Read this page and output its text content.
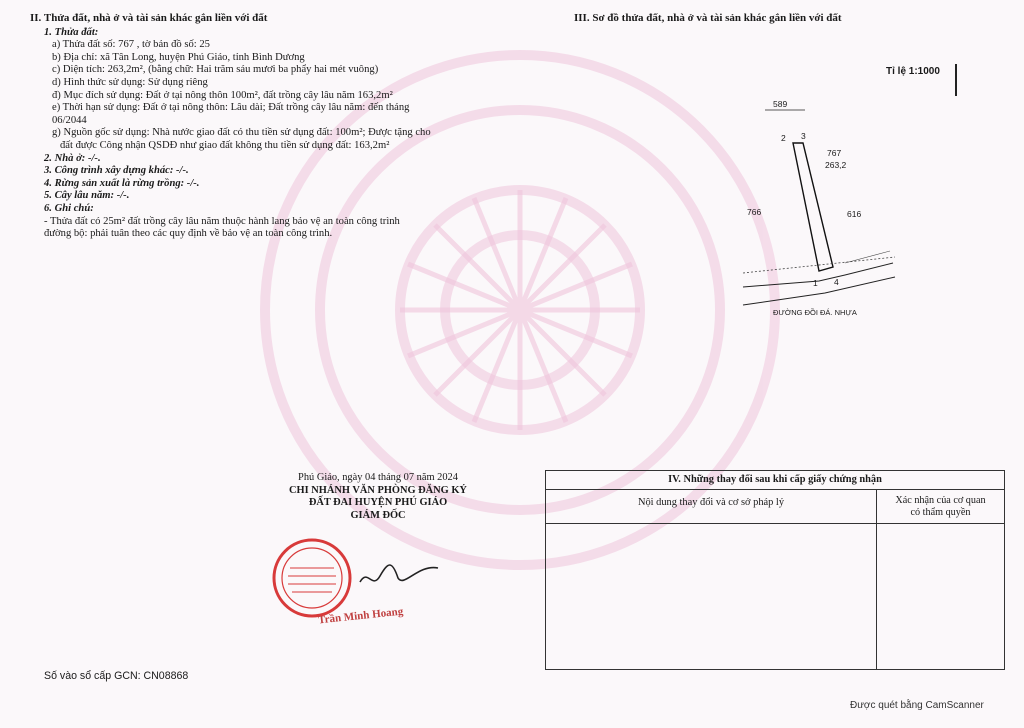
II. Thửa đất, nhà ở và tài sản khác gắn liền với đất
1. Thửa đất:
a) Thửa đất số: 767 , tờ bản đồ số: 25
b) Địa chỉ: xã Tân Long, huyện Phú Giáo, tỉnh Bình Dương
c) Diện tích: 263,2m², (bằng chữ: Hai trăm sáu mươi ba phẩy hai mét vuông)
d) Hình thức sử dụng: Sử dụng riêng
đ) Mục đích sử dụng: Đất ở tại nông thôn 100m², đất trồng cây lâu năm 163,2m²
e) Thời hạn sử dụng: Đất ở tại nông thôn: Lâu dài; Đất trồng cây lâu năm: đến tháng
06/2044
g) Nguồn gốc sử dụng: Nhà nước giao đất có thu tiền sử dụng đất: 100m²; Được tặng cho
đất được Công nhận QSDĐ như giao đất không thu tiền sử dụng đất: 163,2m²
2. Nhà ở: -/-.
3. Công trình xây dựng khác: -/-.
4. Rừng sản xuất là rừng trồng: -/-.
5. Cây lâu năm: -/-.
6. Ghi chú:
- Thửa đất có 25m² đất trồng cây lâu năm thuộc hành lang bảo vệ an toàn công trình
đường bộ: phải tuân theo các quy định về bảo vệ an toàn công trình.
III. Sơ đồ thửa đất, nhà ở và tài sản khác gắn liền với đất
Tỉ lệ 1:1000
589
2 3
767
263,2
766	616
1 4
ĐƯỜNG ĐỒI ĐÁ. NHỰA
Phú Giáo, ngày 04 tháng 07 năm 2024
CHI NHÁNH VĂN PHÒNG ĐĂNG KÝ
ĐẤT ĐAI HUYỆN PHÚ GIÁO
GIÁM ĐỐC
Trần Minh Hoang
Số vào sổ cấp GCN: CN08868
IV. Những thay đổi sau khi cấp giấy chứng nhận
Nội dung thay đổi và cơ sở pháp lý	Xác nhận của cơ quan
có thẩm quyền
Được quét bằng CamScanner
